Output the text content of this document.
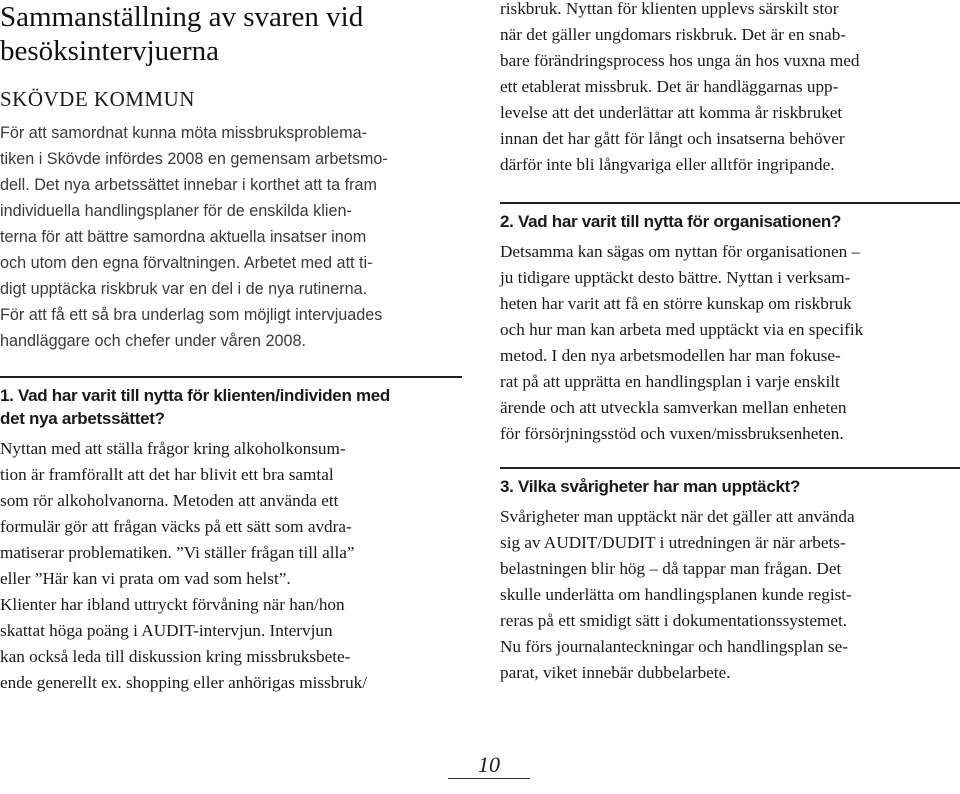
Sammanställning av svaren vid
besöksintervjuerna
SKÖVDE KOMMUN

För att samordnat kunna möta missbruksproblema-
tiken i Skövde infördes 2008 en gemensam arbetsmo-
dell. Det nya arbetssättet innebar i korthet att ta fram
individuella handlingsplaner för de enskilda klien-
terna för att bättre samordna aktuella insatser inom
och utom den egna förvaltningen. Arbetet med att ti-
digt upptäcka riskbruk var en del i de nya rutinerna.
För att få ett så bra underlag som möjligt intervjuades
handläggare och chefer under våren 2008.

1. Vad har varit till nytta för klienten/individen med
det nya arbetssättet?

Nyttan med att ställa frågor kring alkoholkonsum-
tion är framförallt att det har blivit ett bra samtal
som rör alkoholvanorna. Metoden att använda ett
formulär gör att frågan väcks på ett sätt som avdra-
matiserar problematiken. ”Vi ställer frågan till alla”
eller ”Här kan vi prata om vad som helst”.
Klienter har ibland uttryckt förvåning när han/hon
skattat höga poäng i AUDIT-intervjun. Intervjun
kan också leda till diskussion kring missbruksbete-
ende generellt ex. shopping eller anhörigas missbruk/

riskbruk. Nyttan för klienten upplevs särskilt stor
när det gäller ungdomars riskbruk. Det är en snab-
bare förändringsprocess hos unga än hos vuxna med
ett etablerat missbruk. Det är handläggarnas upp-
levelse att det underlättar att komma år riskbruket
innan det har gått för långt och insatserna behöver
därför inte bli långvariga eller alltför ingripande.

2. Vad har varit till nytta för organisationen?

Detsamma kan sägas om nyttan för organisationen –
ju tidigare upptäckt desto bättre. Nyttan i verksam-
heten har varit att få en större kunskap om riskbruk
och hur man kan arbeta med upptäckt via en specifik
metod. I den nya arbetsmodellen har man fokuse-
rat på att upprätta en handlingsplan i varje enskilt
ärende och att utveckla samverkan mellan enheten
för försörjningsstöd och vuxen/missbruksenheten.

3. Vilka svårigheter har man upptäckt?

Svårigheter man upptäckt när det gäller att använda
sig av AUDIT/DUDIT i utredningen är när arbets-
belastningen blir hög – då tappar man frågan. Det
skulle underlätta om handlingsplanen kunde regist-
reras på ett smidigt sätt i dokumentationssystemet.
Nu förs journalanteckningar och handlingsplan se-
parat, viket innebär dubbelarbete.

10
